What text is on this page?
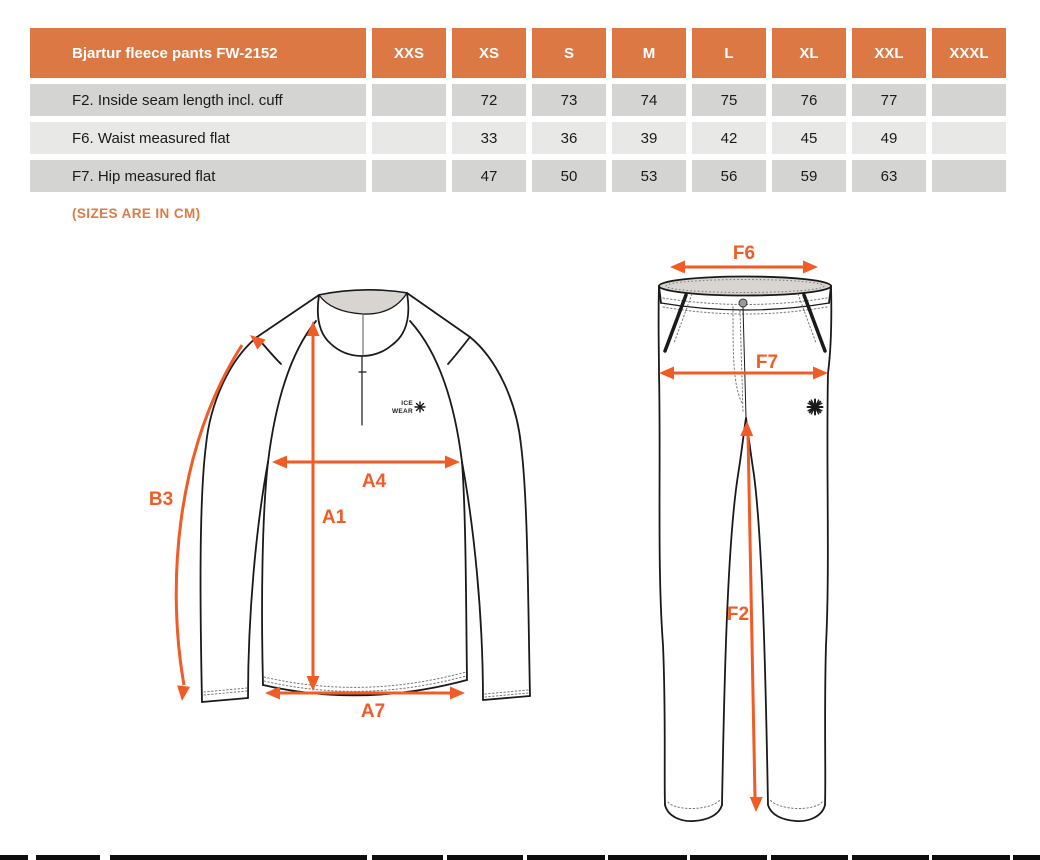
Bjartur fleece pants FW-2152	XXS	XS	S	M	L	XL	XXL	XXXL
F2. Inside seam length incl. cuff		72	73	74	75	76	77	
F6. Waist measured flat		33	36	39	42	45	49	
F7. Hip measured flat		47	50	53	56	59	63	
(SIZES ARE IN CM)
ICE
WEAR
B3
A4
A1
A7
F6
F7
F2
